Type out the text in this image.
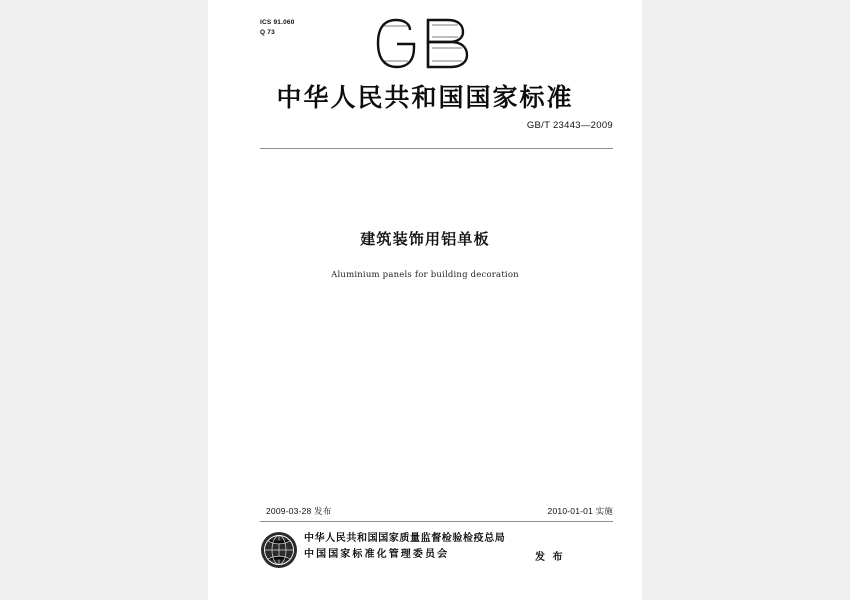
ICS 91.060
Q 73
中华人民共和国国家标准
GB/T 23443—2009
建筑装饰用铝单板
Aluminium panels for building decoration
2009-03-28 发布	2010-01-01 实施
中华人民共和国国家质量监督检验检疫总局
中国国家标准化管理委员会	发 布
